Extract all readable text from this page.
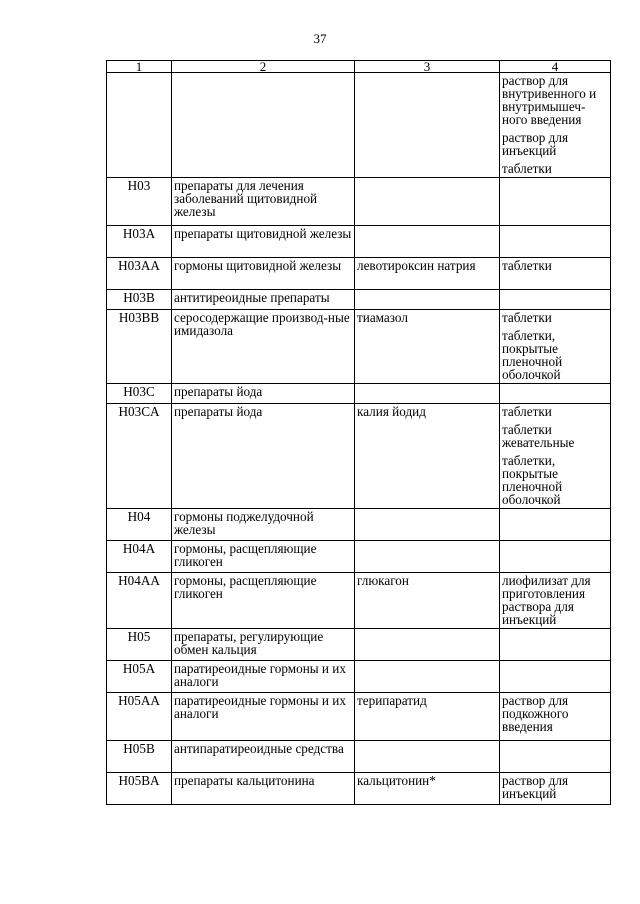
37
1	2	3	4

			раствор для внутривенного и внутримышеч-ного введения
раствор для инъекций
таблетки

H03	препараты для лечения заболеваний щитовидной железы		
H03A	препараты щитовидной железы		
H03AA	гормоны щитовидной железы	левотироксин натрия	таблетки

H03B	антитиреоидные препараты		
H03BB	серосодержащие производ-ные имидазола	тиамазол	таблетки
таблетки, покрытые пленочной оболочкой

H03C	препараты йода		
H03CA	препараты йода	калия йодид	таблетки
таблетки жевательные
таблетки, покрытые пленочной оболочкой

H04	гормоны поджелудочной железы		
H04A	гормоны, расщепляющие гликоген		
H04AA	гормоны, расщепляющие гликоген	глюкагон	лиофилизат для приготовления раствора для инъекций

H05	препараты, регулирующие обмен кальция		
H05A	паратиреоидные гормоны и их аналоги		
H05AA	паратиреоидные гормоны и их аналоги	терипаратид	раствор для подкожного введения

H05B	антипаратиреоидные средства		
H05BA	препараты кальцитонина	кальцитонин*	раствор для инъекций
